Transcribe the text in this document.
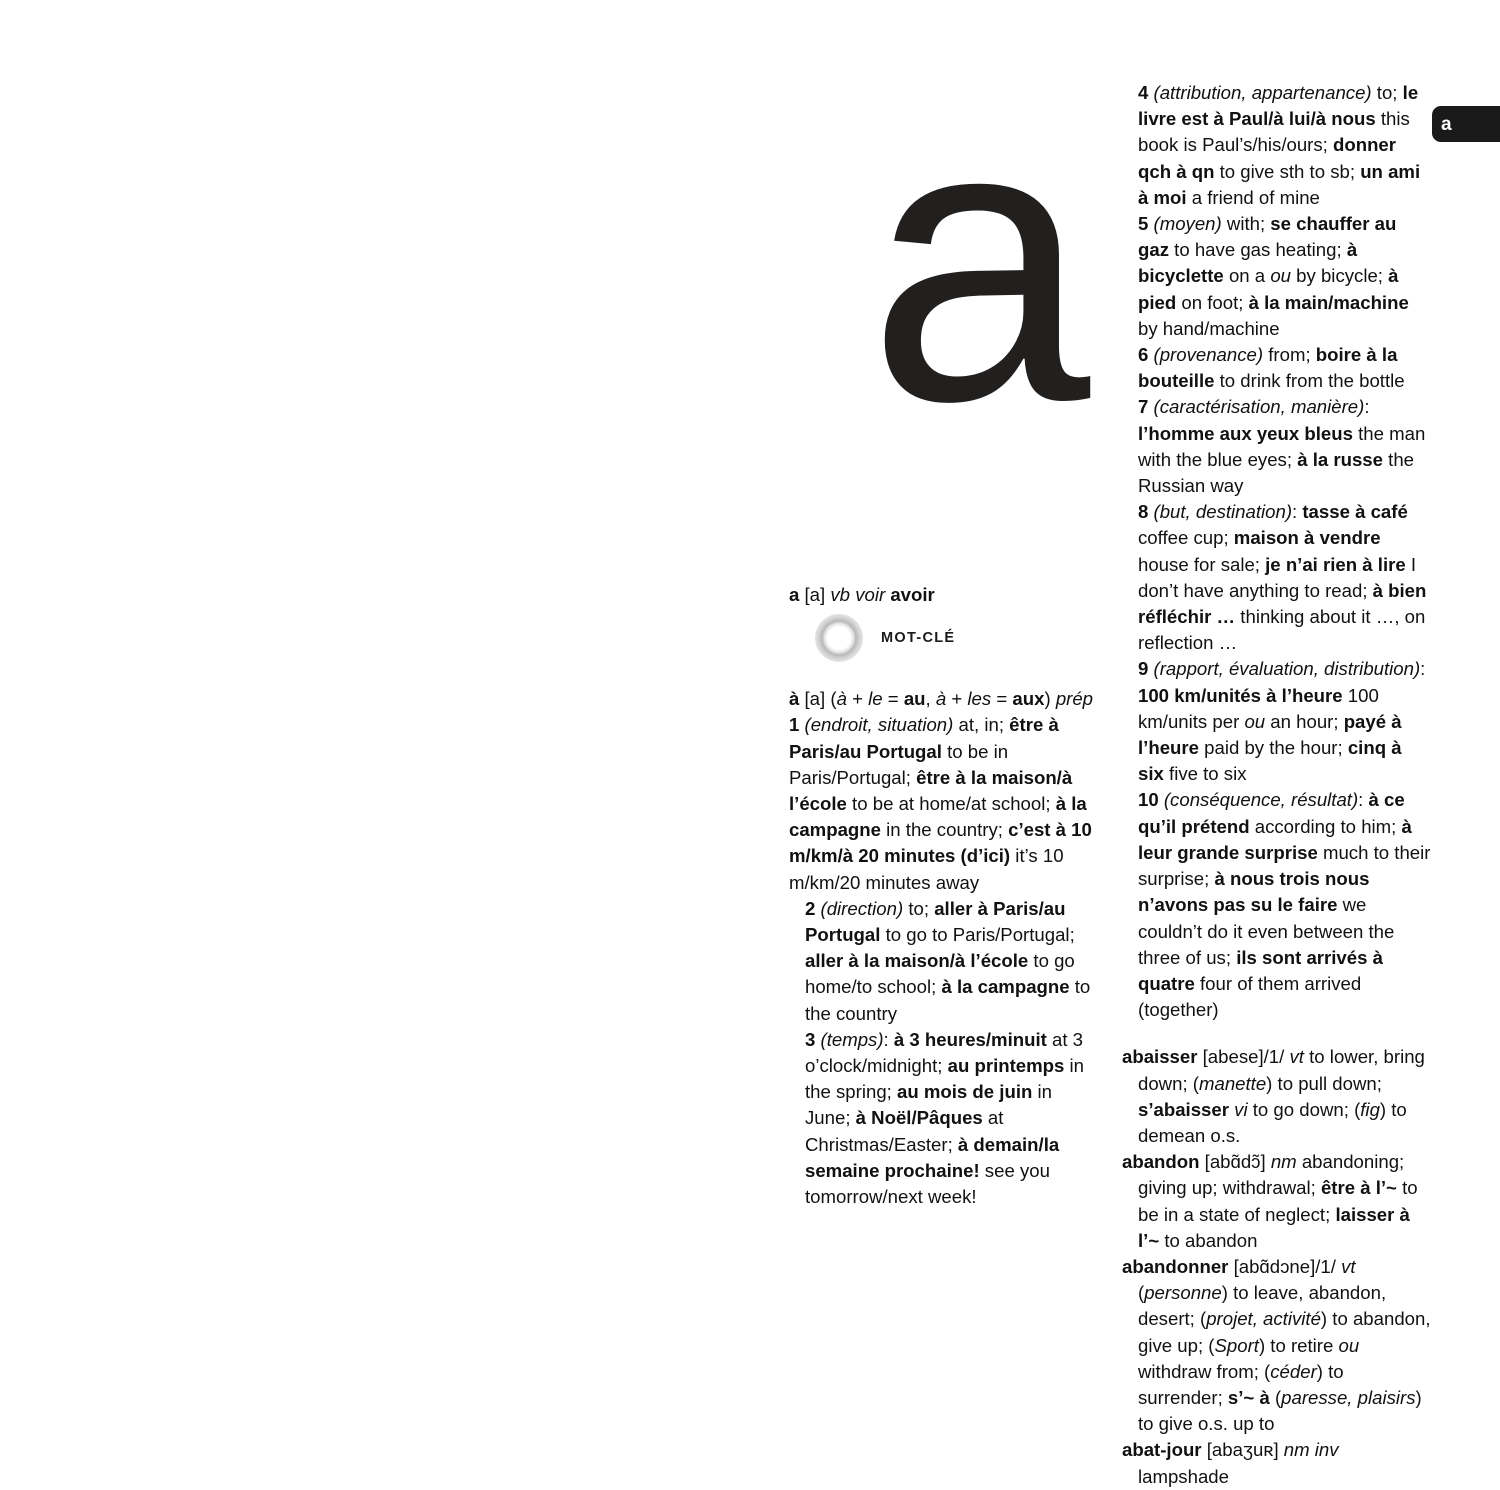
a
a
MOT-CLÉ
a [a] vb voir avoir
à [a] (à + le = au, à + les = aux) prép 1 (endroit, situation) at, in; être à Paris/au Portugal to be in Paris/Portugal; être à la maison/à l’école to be at home/at school; à la campagne in the country; c’est à 10 m/km/à 20 minutes (d’ici) it’s 10 m/km/20 minutes away
2 (direction) to; aller à Paris/au Portugal to go to Paris/Portugal; aller à la maison/à l’école to go home/to school; à la campagne to the country
3 (temps): à 3 heures/minuit at 3 o’clock/midnight; au printemps in the spring; au mois de juin in June; à Noël/Pâques at Christmas/Easter; à demain/la semaine prochaine! see you tomorrow/next week!
4 (attribution, appartenance) to; le livre est à Paul/à lui/à nous this book is Paul’s/his/ours; donner qch à qn to give sth to sb; un ami à moi a friend of mine
5 (moyen) with; se chauffer au gaz to have gas heating; à bicyclette on a ou by bicycle; à pied on foot; à la main/machine by hand/machine
6 (provenance) from; boire à la bouteille to drink from the bottle
7 (caractérisation, manière): l’homme aux yeux bleus the man with the blue eyes; à la russe the Russian way
8 (but, destination): tasse à café coffee cup; maison à vendre house for sale; je n’ai rien à lire I don’t have anything to read; à bien réfléchir … thinking about it …, on reflection …
9 (rapport, évaluation, distribution): 100 km/unités à l’heure 100 km/units per ou an hour; payé à l’heure paid by the hour; cinq à six five to six
10 (conséquence, résultat): à ce qu’il prétend according to him; à leur grande surprise much to their surprise; à nous trois nous n’avons pas su le faire we couldn’t do it even between the three of us; ils sont arrivés à quatre four of them arrived (together)
abaisser [abese]/1/ vt to lower, bring down; (manette) to pull down; s’abaisser vi to go down; (fig) to demean o.s.
abandon [abɑ̃dɔ̃] nm abandoning; giving up; withdrawal; être à l’~ to be in a state of neglect; laisser à l’~ to abandon
abandonner [abɑ̃dɔne]/1/ vt (personne) to leave, abandon, desert; (projet, activité) to abandon, give up; (Sport) to retire ou withdraw from; (céder) to surrender; s’~ à (paresse, plaisirs) to give o.s. up to
abat-jour [abaʒuʀ] nm inv lampshade
